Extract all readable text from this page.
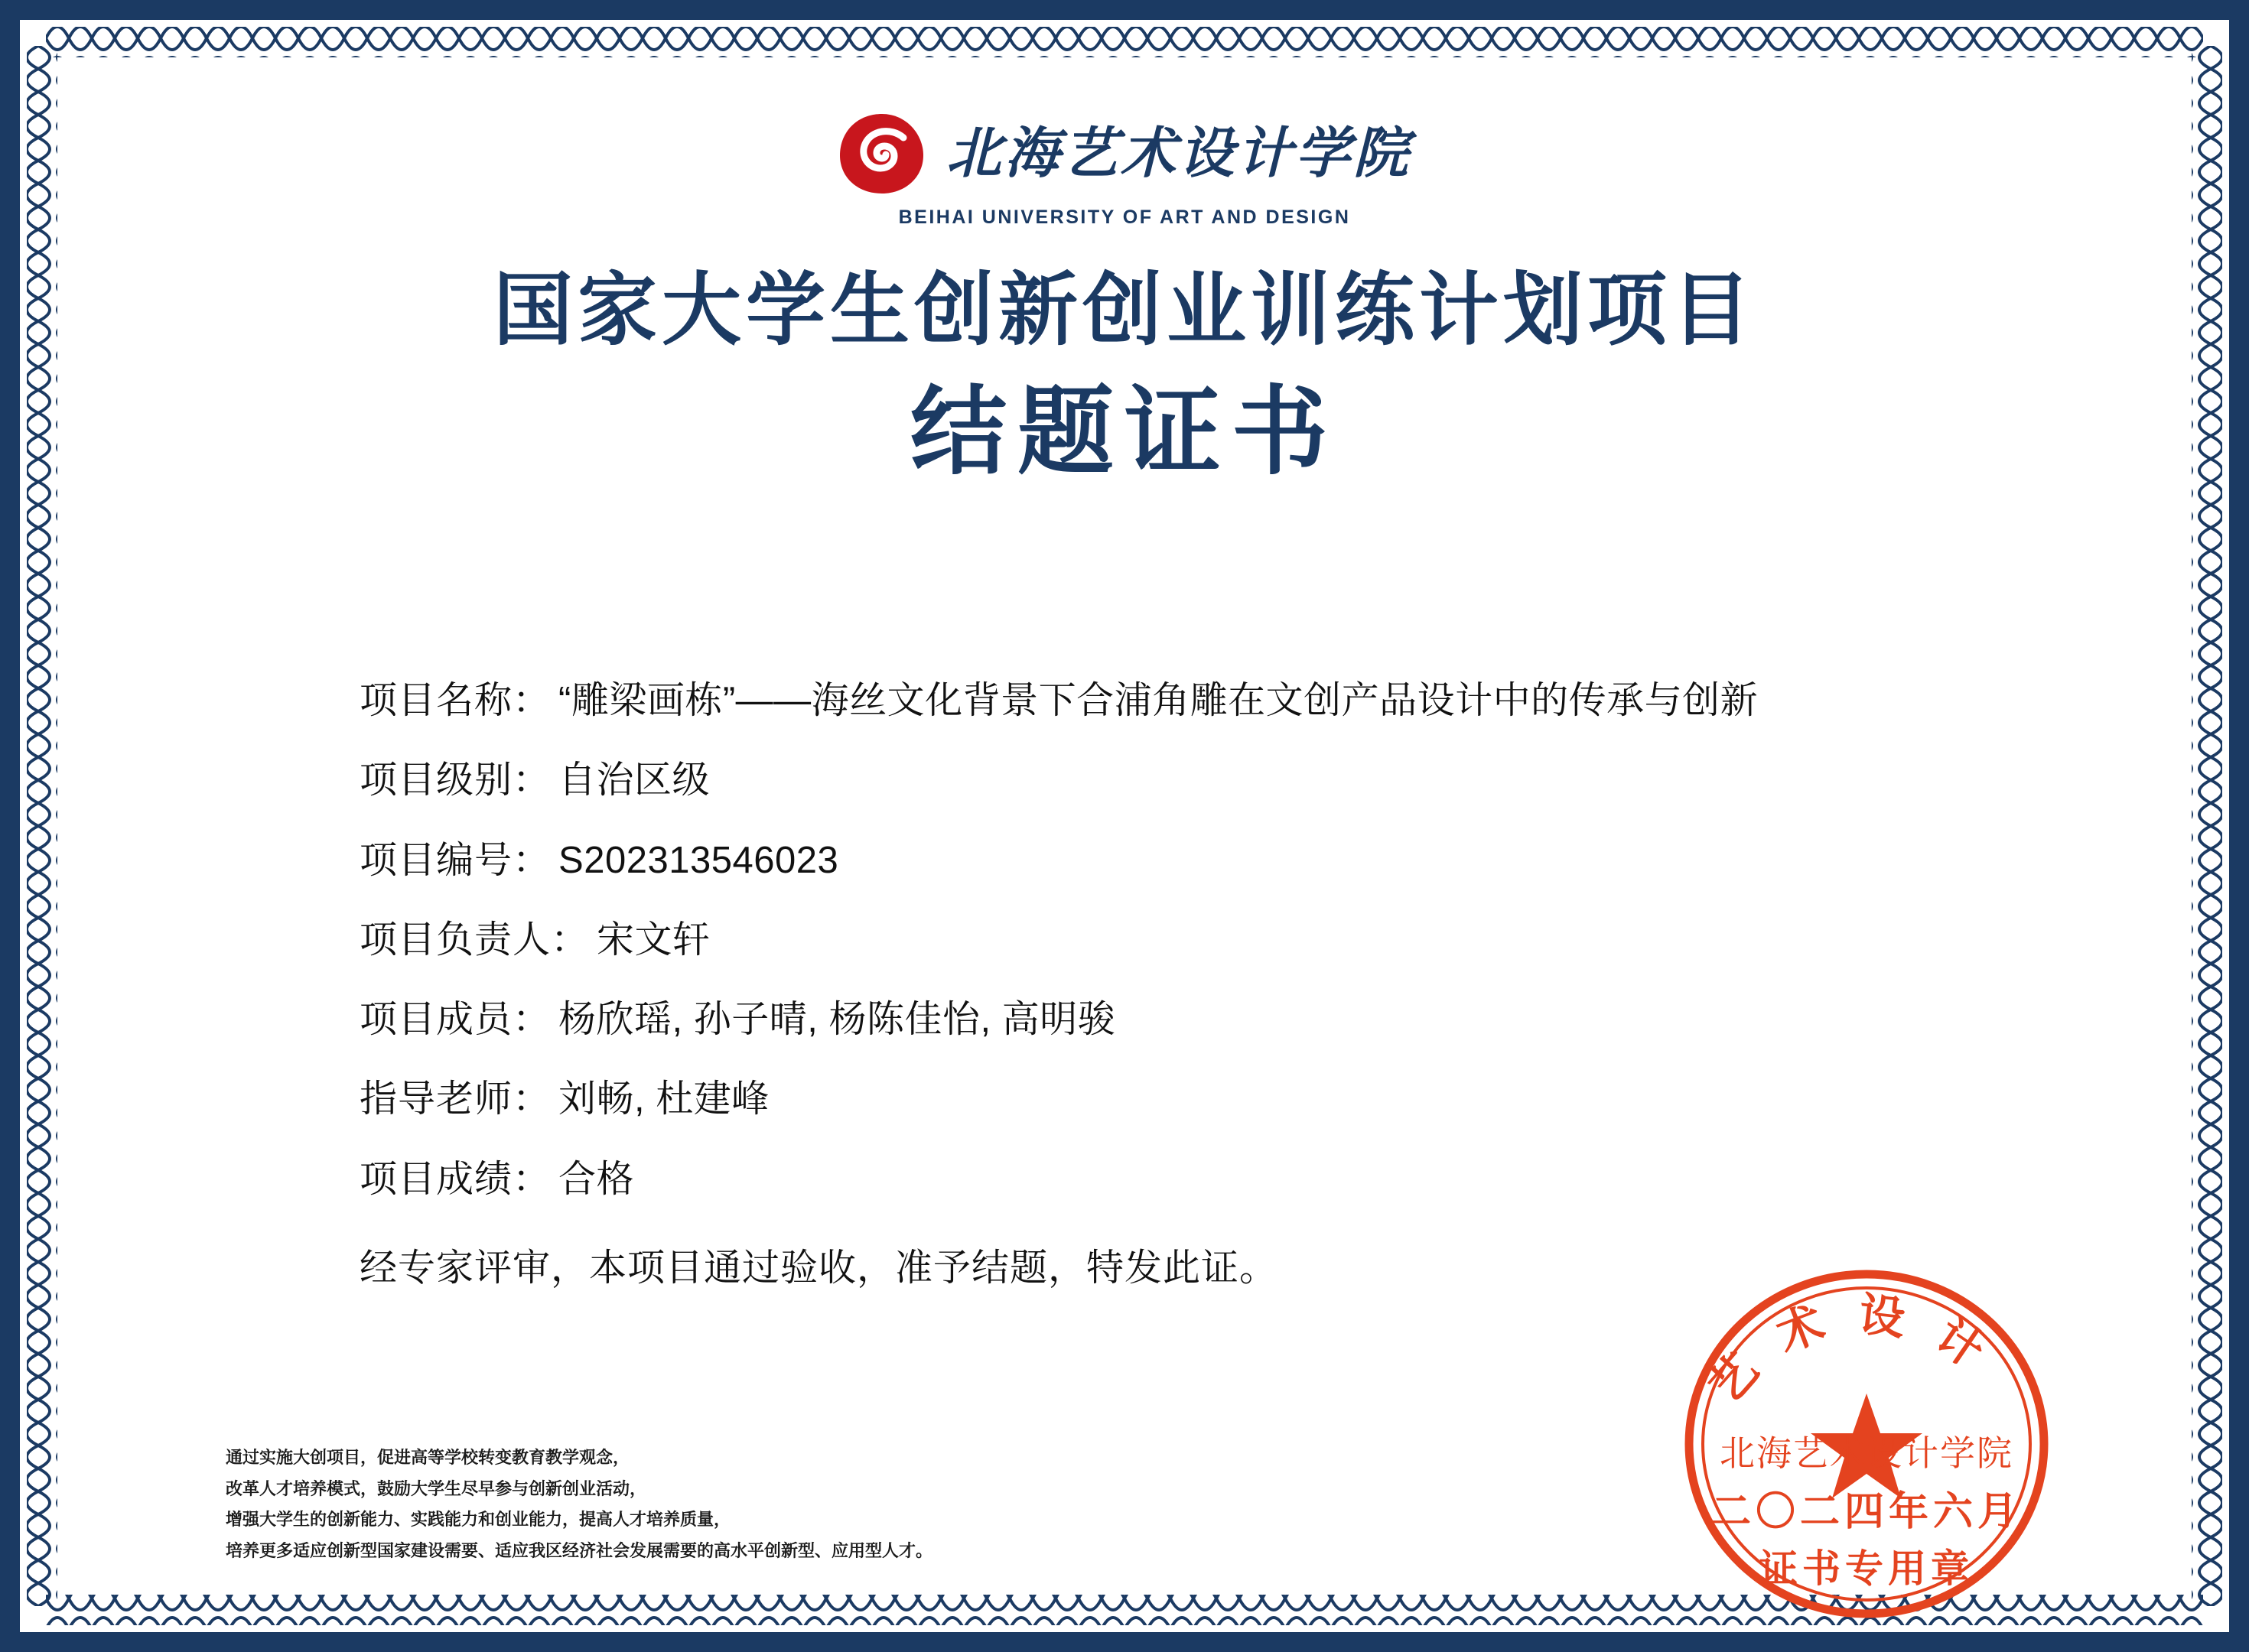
北海艺术设计学院
BEIHAI UNIVERSITY OF ART AND DESIGN
国家大学生创新创业训练计划项目
结题证书
项目名称： “雕梁画栋”——海丝文化背景下合浦角雕在文创产品设计中的传承与创新
项目级别： 自治区级
项目编号： S202313546023
项目负责人： 宋文轩
项目成员： 杨欣瑶, 孙子晴, 杨陈佳怡, 高明骏
指导老师： 刘畅, 杜建峰
项目成绩： 合格
经专家评审，本项目通过验收，准予结题，特发此证。
通过实施大创项目，促进高等学校转变教育教学观念，
改革人才培养模式，鼓励大学生尽早参与创新创业活动，
增强大学生的创新能力、实践能力和创业能力，提高人才培养质量，
培养更多适应创新型国家建设需要、适应我区经济社会发展需要的高水平创新型、应用型人才。
艺 术 设 计
北海艺术设计学院
二〇二四年六月
证书专用章
